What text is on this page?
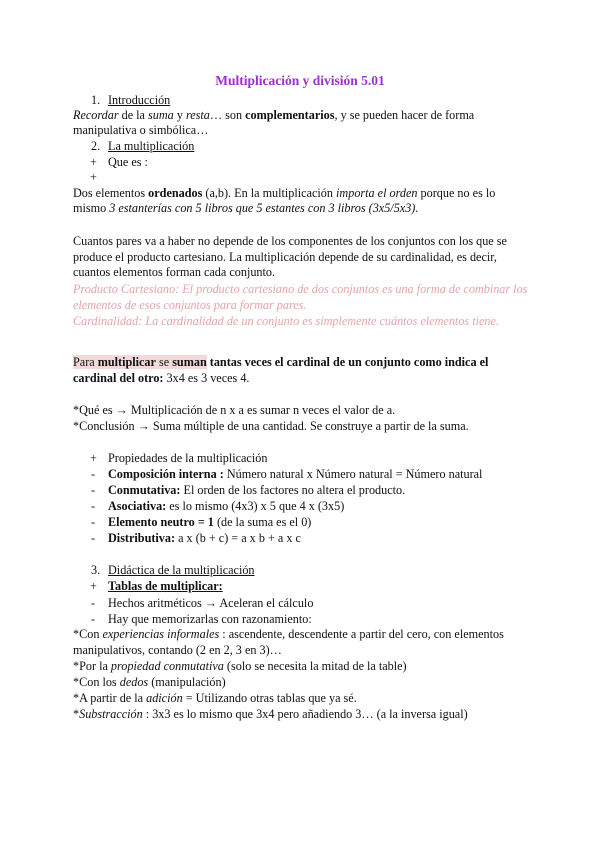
Multiplicación y división 5.01
1. Introducción
Recordar de la suma y resta… son complementarios, y se pueden hacer de forma
manipulativa o simbólica…
2. La multiplicación
+ Que es :
+
Dos elementos ordenados (a,b). En la multiplicación importa el orden porque no es lo
mismo 3 estanterías con 5 libros que 5 estantes con 3 libros (3x5/5x3).
Cuantos pares va a haber no depende de los componentes de los conjuntos con los que se
produce el producto cartesiano. La multiplicación depende de su cardinalidad, es decir,
cuantos elementos forman cada conjunto.
Producto Cartesiano: El producto cartesiano de dos conjuntos es una forma de combinar los
elementos de esos conjuntos para formar pares.
Cardinalidad: La cardinalidad de un conjunto es simplemente cuántos elementos tiene.
Para multiplicar se suman tantas veces el cardinal de un conjunto como indica el
cardinal del otro: 3x4 es 3 veces 4.
*Qué es → Multiplicación de n x a es sumar n veces el valor de a.
*Conclusión → Suma múltiple de una cantidad. Se construye a partir de la suma.
+ Propiedades de la multiplicación
- Composición interna : Número natural x Número natural = Número natural
- Conmutativa: El orden de los factores no altera el producto.
- Asociativa: es lo mismo (4x3) x 5 que 4 x (3x5)
- Elemento neutro = 1 (de la suma es el 0)
- Distributiva: a x (b + c) = a x b + a x c
3. Didáctica de la multiplicación
+ Tablas de multiplicar:
- Hechos aritméticos → Aceleran el cálculo
- Hay que memorizarlas con razonamiento:
*Con experiencias informales : ascendente, descendente a partir del cero, con elementos
manipulativos, contando (2 en 2, 3 en 3)…
*Por la propiedad conmutativa (solo se necesita la mitad de la table)
*Con los dedos (manipulación)
*A partir de la adición = Utilizando otras tablas que ya sé.
*Substracción : 3x3 es lo mismo que 3x4 pero añadiendo 3… (a la inversa igual)
